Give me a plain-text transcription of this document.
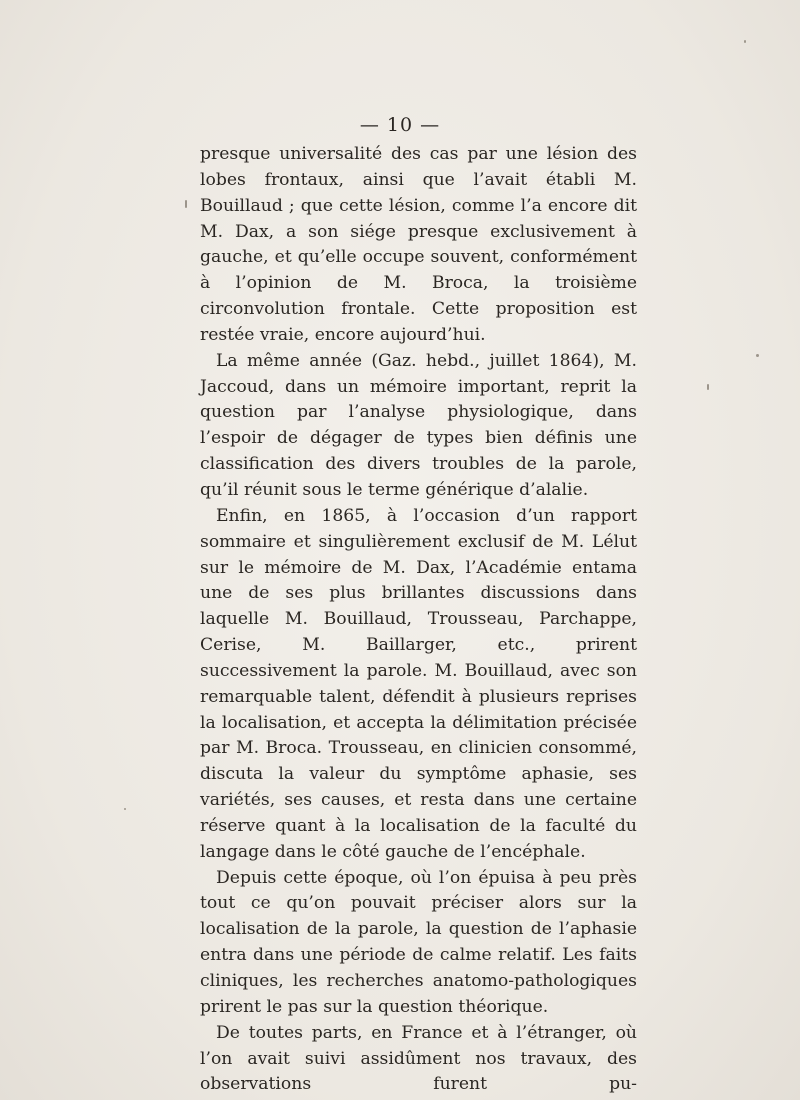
— 10 —

presque universalité des cas par une lésion des lobes frontaux, ainsi que l’avait établi M. Bouillaud ; que cette lésion, comme l’a encore dit M. Dax, a son siége presque exclusivement à gauche, et qu’elle occupe souvent, conformément à l’opinion de M. Broca, la troisième circonvolution frontale. Cette proposition est restée vraie, encore aujourd’hui.

La même année (Gaz. hebd., juillet 1864), M. Jaccoud, dans un mémoire important, reprit la question par l’analyse physiologique, dans l’espoir de dégager de types bien définis une classification des divers troubles de la parole, qu’il réunit sous le terme générique d’alalie.

Enfin, en 1865, à l’occasion d’un rapport sommaire et singulièrement exclusif de M. Lélut sur le mémoire de M. Dax, l’Académie entama une de ses plus brillantes discussions dans laquelle M. Bouillaud, Trousseau, Parchappe, Cerise, M. Baillarger, etc., prirent successivement la parole. M. Bouillaud, avec son remarquable talent, défendit à plusieurs reprises la localisation, et accepta la délimitation précisée par M. Broca. Trousseau, en clinicien consommé, discuta la valeur du symptôme aphasie, ses variétés, ses causes, et resta dans une certaine réserve quant à la localisation de la faculté du langage dans le côté gauche de l’encéphale.

Depuis cette époque, où l’on épuisa à peu près tout ce qu’on pouvait préciser alors sur la localisation de la parole, la question de l’aphasie entra dans une période de calme relatif. Les faits cliniques, les recherches anatomo-pathologiques prirent le pas sur la question théorique.

De toutes parts, en France et à l’étranger, où l’on avait suivi assidûment nos travaux, des observations furent pu-
